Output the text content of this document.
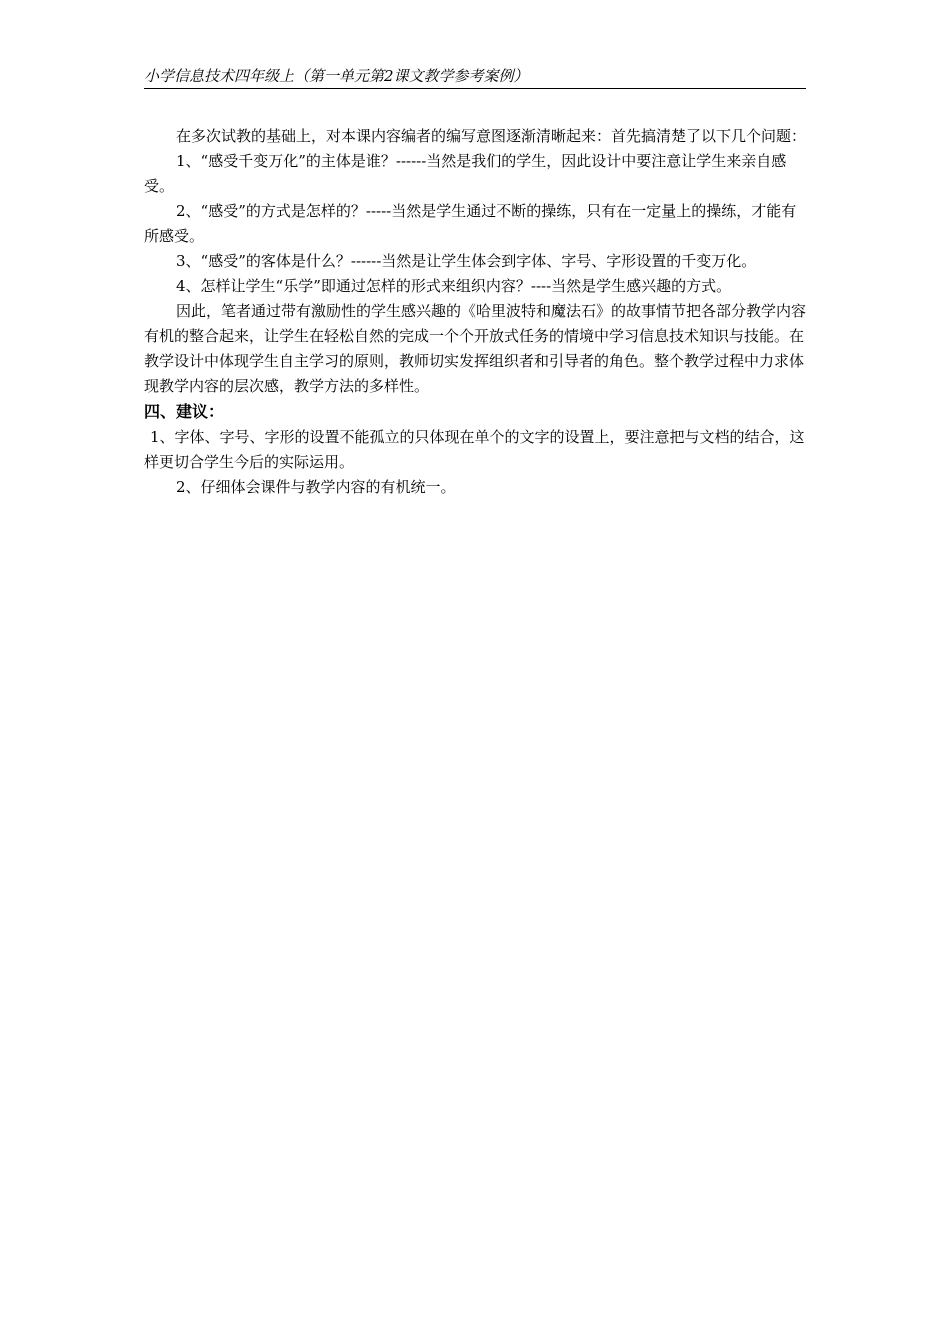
小学信息技术四年级上（第一单元第2课文教学参考案例）

在多次试教的基础上，对本课内容编者的编写意图逐渐清晰起来：首先搞清楚了以下几个问题：

1、“感受千变万化”的主体是谁？------当然是我们的学生，因此设计中要注意让学生来亲自感受。

2、“感受”的方式是怎样的？-----当然是学生通过不断的操练，只有在一定量上的操练，才能有所感受。

3、“感受”的客体是什么？------当然是让学生体会到字体、字号、字形设置的千变万化。

4、怎样让学生“乐学”即通过怎样的形式来组织内容？----当然是学生感兴趣的方式。

因此，笔者通过带有激励性的学生感兴趣的《哈里波特和魔法石》的故事情节把各部分教学内容有机的整合起来，让学生在轻松自然的完成一个个开放式任务的情境中学习信息技术知识与技能。在教学设计中体现学生自主学习的原则，教师切实发挥组织者和引导者的角色。整个教学过程中力求体现教学内容的层次感，教学方法的多样性。

四、建议：

1、字体、字号、字形的设置不能孤立的只体现在单个的文字的设置上，要注意把与文档的结合，这样更切合学生今后的实际运用。

2、仔细体会课件与教学内容的有机统一。
